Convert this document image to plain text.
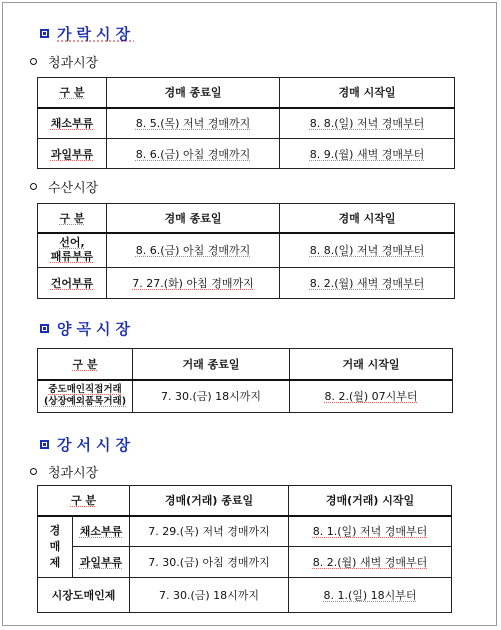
가락시장
청과시장
구 분	경매 종료일	경매 시작일
채소부류	8. 5.(목) 저녁 경매까지	8. 8.(일) 저녁 경매부터
과일부류	8. 6.(금) 아침 경매까지	8. 9.(월) 새벽 경매부터
수산시장
구 분	경매 종료일	경매 시작일

선어,
패류부류	8. 6.(금) 아침 경매까지	8. 8.(일) 저녁 경매부터
건어부류	7. 27.(화) 아침 경매까지	8. 2.(월) 새벽 경매부터
양곡시장
구 분	거래 종료일	거래 시작일

중도매인직접거래
(상장예외품목거래)	7. 30.(금) 18시까지	8. 2.(월) 07시부터
강서시장
청과시장
구 분		경매(거래) 종료일	경매(거래) 시작일
경매제	채소부류	7. 29.(목) 저녁 경매까지	8. 1.(일) 저녁 경매부터
	과일부류	7. 30.(금) 아침 경매까지	8. 2.(월) 새벽 경매부터
시장도매인제		7. 30.(금) 18시까지	8. 1.(일) 18시부터
